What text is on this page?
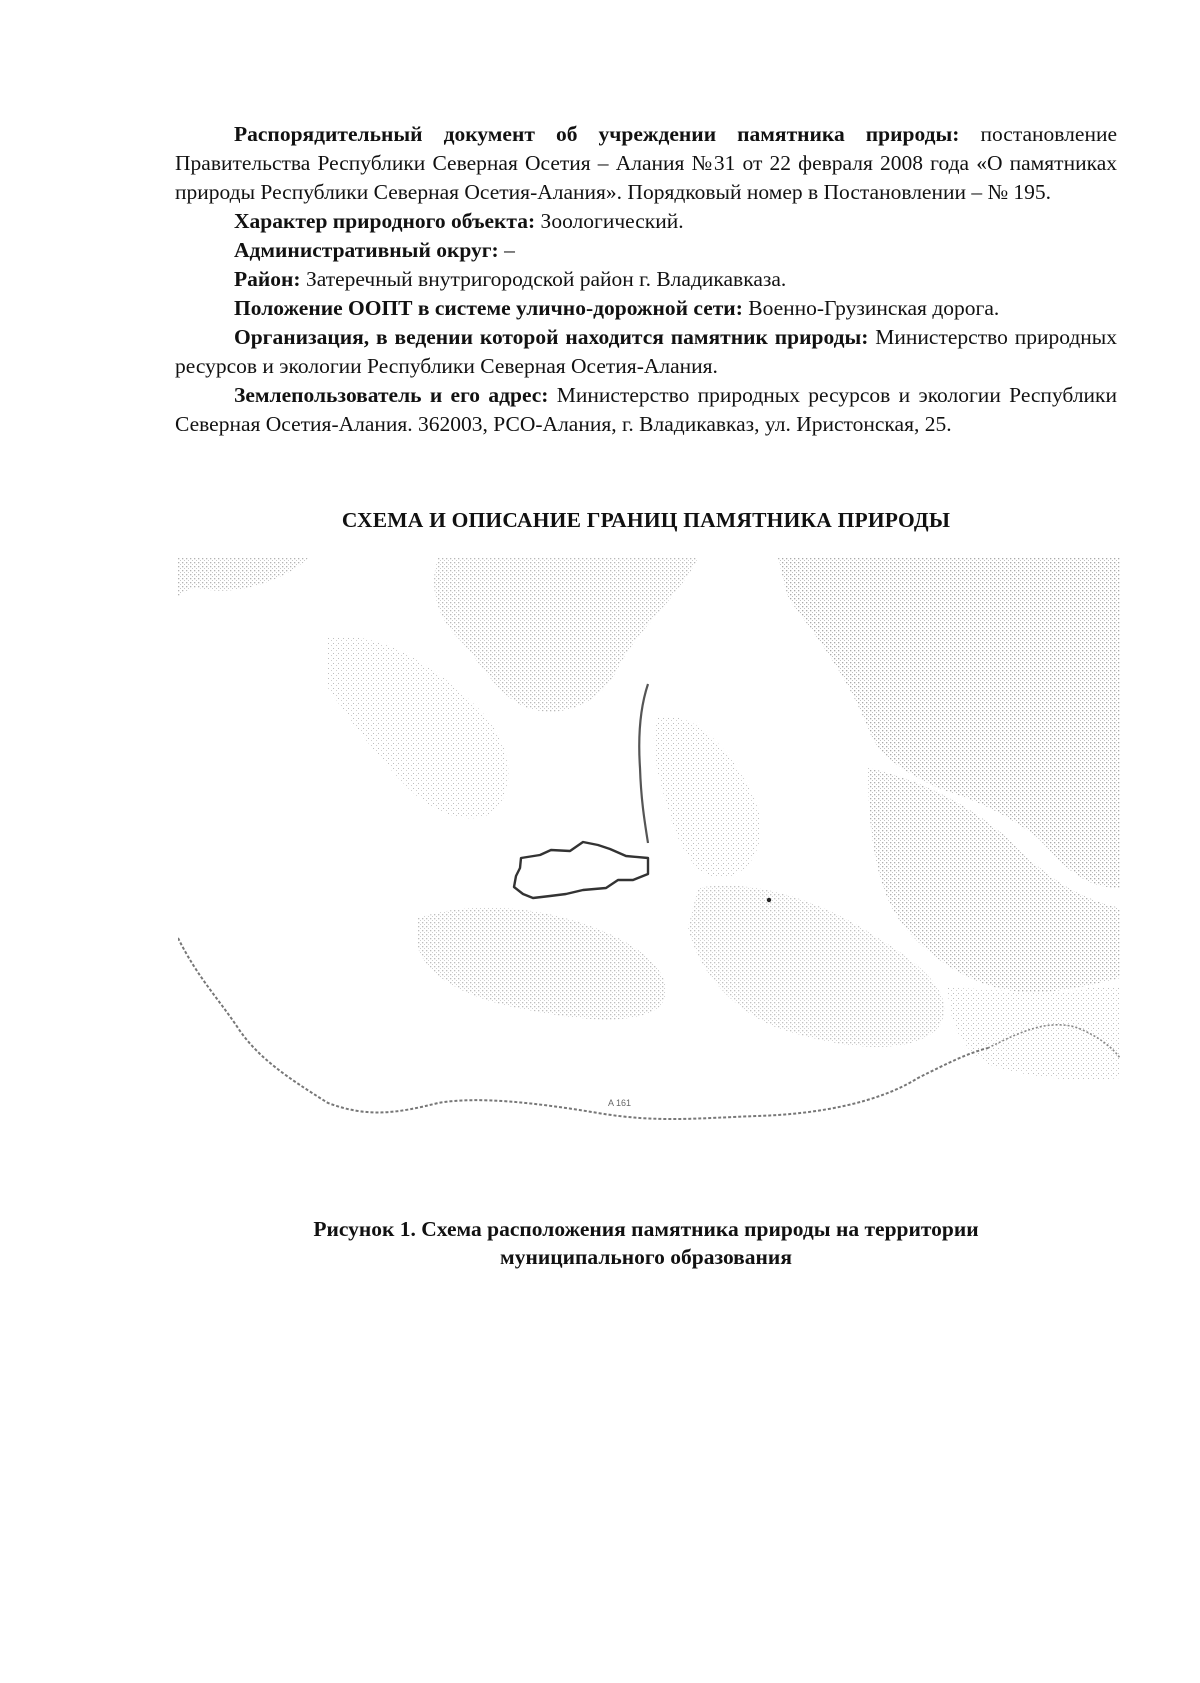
Распорядительный документ об учреждении памятника природы: постановление Правительства Республики Северная Осетия – Алания №31 от 22 февраля 2008 года «О памятниках природы Республики Северная Осетия-Алания». Порядковый номер в Постановлении – № 195.

Характер природного объекта: Зоологический.

Административный округ: –

Район: Затеречный внутригородской район г. Владикавказа.

Положение ООПТ в системе улично-дорожной сети: Военно-Грузинская дорога.

Организация, в ведении которой находится памятник природы: Министерство природных ресурсов и экологии Республики Северная Осетия-Алания.

Землепользователь и его адрес: Министерство природных ресурсов и экологии Республики Северная Осетия-Алания. 362003, РСО-Алания, г. Владикавказ, ул. Иристонская, 25.

СХЕМА И ОПИСАНИЕ ГРАНИЦ ПАМЯТНИКА ПРИРОДЫ
A 161

Рисунок 1. Схема расположения памятника природы на территории
муниципального образования
